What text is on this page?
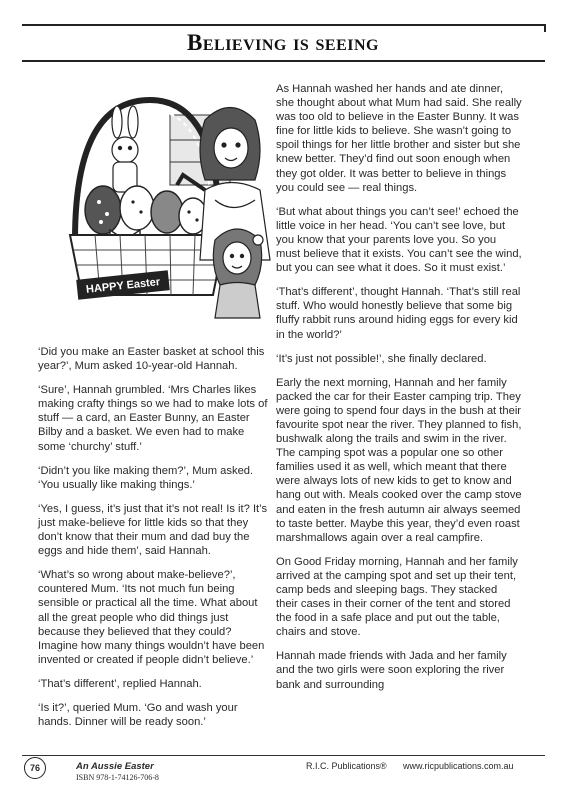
Believing is seeing
HAPPY Easter

‘Did you make an Easter basket at school this year?’, Mum asked 10-year-old Hannah.

‘Sure’, Hannah grumbled. ‘Mrs Charles likes making crafty things so we had to make lots of stuff — a card, an Easter Bunny, an Easter Bilby and a basket. We even had to make some ‘churchy’ stuff.’

‘Didn’t you like making them?’, Mum asked. ‘You usually like making things.’

‘Yes, I guess, it’s just that it’s not real! Is it? It’s just make-believe for little kids so that they don’t know that their mum and dad buy the eggs and hide them’, said Hannah.

‘What’s so wrong about make-believe?’, countered Mum. ‘Its not much fun being sensible or practical all the time. What about all the great people who did things just because they believed that they could? Imagine how many things wouldn’t have been invented or created if people didn’t believe.’

‘That’s different’, replied Hannah.

‘Is it?’, queried Mum. ‘Go and wash your hands. Dinner will be ready soon.’

As Hannah washed her hands and ate dinner, she thought about what Mum had said. She really was too old to believe in the Easter Bunny. It was fine for little kids to believe. She wasn’t going to spoil things for her little brother and sister but she knew better. They’d find out soon enough when they got older. It was better to believe in things you could see — real things.

‘But what about things you can’t see!’ echoed the little voice in her head. ‘You can’t see love, but you know that your parents love you. So you must believe that it exists. You can’t see the wind, but you can see what it does. So it must exist.’

‘That’s different’, thought Hannah. ‘That’s still real stuff. Who would honestly believe that some big fluffy rabbit runs around hiding eggs for every kid in the world?’

‘It’s just not possible!’, she finally declared.

Early the next morning, Hannah and her family packed the car for their Easter camping trip. They were going to spend four days in the bush at their favourite spot near the river. They planned to fish, bushwalk along the trails and swim in the river. The camping spot was a popular one so other families used it as well, which meant that there were always lots of new kids to get to know and hang out with. Meals cooked over the camp stove and eaten in the fresh autumn air always seemed to taste better. Maybe this year, they’d even roast marshmallows again over a real campfire.

On Good Friday morning, Hannah and her family arrived at the camping spot and set up their tent, camp beds and sleeping bags. They stacked their cases in their corner of the tent and stored the food in a safe place and put out the table, chairs and stove.

Hannah made friends with Jada and her family and the two girls were soon exploring the river bank and surrounding

76	An Aussie Easter
ISBN 978-1-74126-706-8
R.I.C. Publications® www.ricpublications.com.au
